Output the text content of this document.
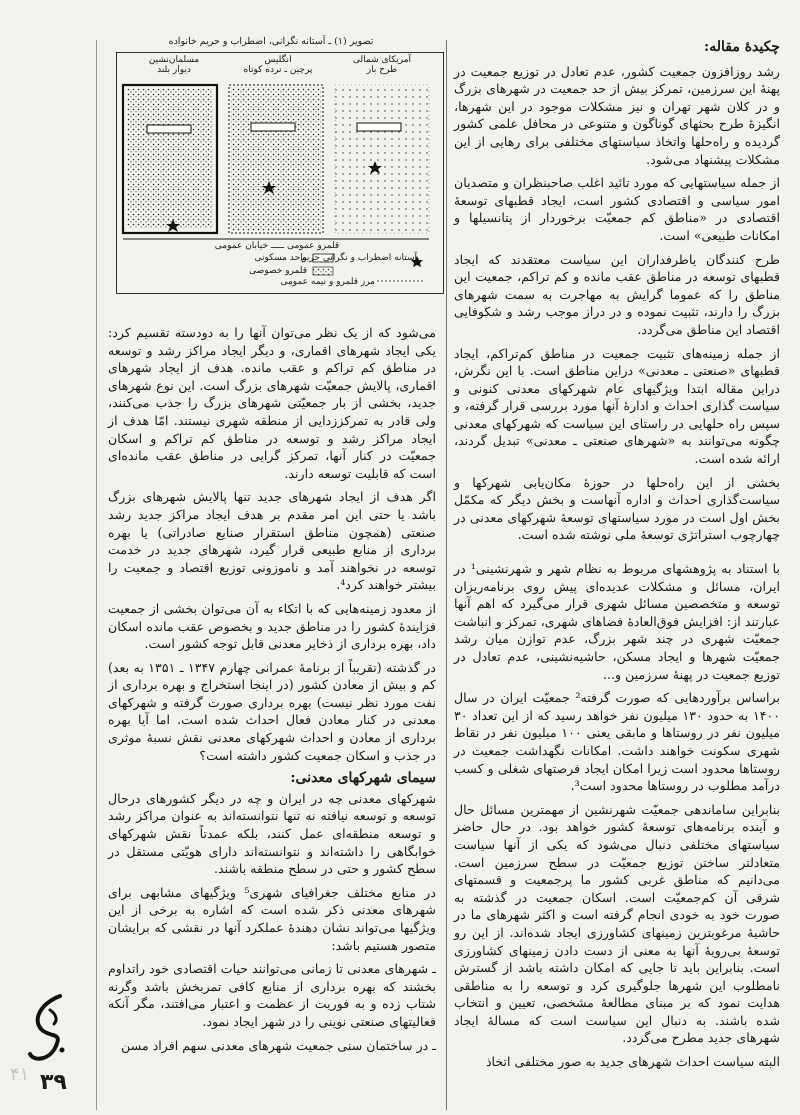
تصویر (۱) ـ آستانه نگرانی، اضطراب و حریم خانواده
مسلمان‌نشین
دیوار بلند
انگلیس
پرچین ـ نرده کوتاه
آمریکای شمالی
طرح باز
قلمرو عمومی ـــــ خیابان عمومی
آستانه اضطراب و نگرانی حریم
واحد مسکونی
قلمرو خصوصی
مرز قلمرو و نیمه عمومی

چکیدهٔ مقاله:

رشد روزافزون جمعیت کشور، عدم تعادل در توزیع جمعیت در پهنهٔ این سرزمین، تمرکز بیش از حد جمعیت در شهرهای بزرگ و در کلان شهر تهران و نیز مشکلات موجود در این شهرها، انگیزهٔ طرح بحثهای گوناگون و متنوعی در محافل علمی کشور گردیده و راه‌حلها واتخاذ سیاستهای مختلفی برای رهایی از این مشکلات پیشنهاد می‌شود.

از جمله سیاستهایی که مورد تائید اغلب صاحبنظران و متصدیان امور سیاسی و اقتصادی کشور است، ایجاد قطبهای توسعهٔ اقتصادی در «مناطق کم جمعیّت برخوردار از پتانسیلها و امکانات طبیعی» است.

طرح کنندگان یاطرفداران این سیاست معتقدند که ایجاد قطبهای توسعه در مناطق عقب مانده و کم تراکم، جمعیت این مناطق را که عموما گرایش به مهاجرت به سمت شهرهای بزرگ را دارند، تثبیت نموده و در دراز موجب رشد و شکوفایی اقتصاد این مناطق می‌گردد.

از جمله زمینه‌های تثبیت جمعیت در مناطق کم‌تراکم، ایجاد قطبهای «صنعتی ـ معدنی» دراین مناطق است. با این نگرش، دراین مقاله ابتدا ویژگیهای عام شهرکهای معدنی کنونی و سیاست گذاری احداث و ادارهٔ آنها مورد بررسی قرار گرفته، و سپس راه حلهایی در راستای این سیاست که شهرکهای معدنی چگونه می‌توانند به «شهرهای صنعتی ـ معدنی» تبدیل گردند، ارائه شده است.

بخشی از این راه‌حلها در حوزهٔ مکان‌یابی شهرکها و سیاست‌گذاری احداث و اداره آنهاست و بخش دیگر که مکمّل بخش اول است در مورد سیاستهای توسعهٔ شهرکهای معدنی در چهارچوب استراتژی توسعهٔ ملی نوشته شده است.

با استناد به پژوهشهای مربوط به نظام شهر و شهرنشینی¹ در ایران، مسائل و مشکلات عدیده‌ای پیش روی برنامه‌ریزان توسعه و متخصصین مسائل شهری قرار می‌گیرد که اهم آنها عبارتند از: افزایش فوق‌العادهٔ فضاهای شهری، تمرکز و انباشت جمعیّت شهری در چند شهر بزرگ، عدم توازن میان رشد جمعیّت شهرها و ایجاد مسکن، حاشیه‌نشینی، عدم تعادل در توزیع جمعیت در پهنهٔ سرزمین و...

براساس برآوردهایی که صورت گرفته² جمعیّت ایران در سال ۱۴۰۰ به حدود ۱۳۰ میلیون نفر خواهد رسید که از این تعداد ۳۰ میلیون نفر در روستاها و مابقی یعنی ۱۰۰ میلیون نفر در نقاط شهری سکونت خواهند داشت. امکانات نگهداشت جمعیت در روستاها محدود است زیرا امکان ایجاد فرصتهای شغلی و کسب درآمد مطلوب در روستاها محدود است³.

بنابراین ساماندهی جمعیّت شهرنشین از مهمترین مسائل حال و آینده برنامه‌های توسعهٔ کشور خواهد بود. در حال حاضر سیاستهای مختلفی دنبال می‌شود که یکی از آنها سیاست متعادلتر ساختن توزیع جمعیّت در سطح سرزمین است. می‌دانیم که مناطق غربی کشور ما پرجمعیت و قسمتهای شرقی آن کم‌جمعیّت است. اسکان جمعیت در گذشته به صورت خود به خودی انجام گرفته است و اکثر شهرهای ما در حاشیهٔ مرغوبترین زمینهای کشاورزی ایجاد شده‌اند. از این رو توسعهٔ بی‌رویهٔ آنها به معنی از دست دادن زمینهای کشاورزی است. بنابراین باید تا جایی که امکان داشته باشد از گسترش نامطلوب این شهرها جلوگیری کرد و توسعه را به مناطقی هدایت نمود که بر مبنای مطالعهٔ مشخصی، تعیین و انتخاب شده باشند. به دنبال این سیاست است که مسالهٔ ایجاد شهرهای جدید مطرح می‌گردد.

البته سیاست احداث شهرهای جدید به صور مختلفی اتخاذ

می‌شود که از یک نظر می‌توان آنها را به دودسته تقسیم کرد: یکی ایجاد شهرهای اقماری، و دیگر ایجاد مراکز رشد و توسعه در مناطق کم تراکم و عقب مانده. هدف از ایجاد شهرهای اقماری، پالایش جمعیّت شهرهای بزرگ است. این نوع شهرهای جدید، بخشی از بار جمعیّتی شهرهای بزرگ را جذب می‌کنند، ولی قادر به تمرکززدایی از منطقه شهری نیستند. امّا هدف از ایجاد مراکز رشد و توسعه در مناطق کم تراکم و اسکان جمعیّت در کنار آنها، تمرکز گرایی در مناطق عقب مانده‌ای است که قابلیت توسعه دارند.

اگر هدف از ایجاد شهرهای جدید تنها پالایش شهرهای بزرگ باشد یا حتی این امر مقدم بر هدف ایجاد مراکز جدید رشد صنعتی (همچون مناطق استقرار صنایع صادراتی) یا بهره برداری از منابع طبیعی قرار گیرد، شهرهای جدید در خدمت توسعه در نخواهند آمد و ناموزونی توزیع اقتصاد و جمعیت را بیشتر خواهند کرد⁴.

از معدود زمینه‌هایی که با اتکاء به آن می‌توان بخشی از جمعیت فزایندهٔ کشور را در مناطق جدید و بخصوص عقب مانده اسکان داد، بهره برداری از ذخایر معدنی قابل توجه کشور است.

در گذشته (تقریباً از برنامهٔ عمرانی چهارم ۱۳۴۷ ـ ۱۳۵۱ به بعد) کم و بیش از معادن کشور (در اینجا استخراج و بهره برداری از نفت مورد نظر نیست) بهره برداری صورت گرفته و شهرکهای معدنی در کنار معادن فعال احداث شده است. اما آیا بهره برداری از معادن و احداث شهرکهای معدنی نقش نسبهٔ موثری در جذب و اسکان جمعیت کشور داشته است؟

سیمای شهرکهای معدنی:

شهرکهای معدنی چه در ایران و چه در دیگر کشورهای درحال توسعه و توسعه نیافته نه تنها نتوانسته‌اند به عنوان مراکز رشد و توسعه منطقه‌ای عمل کنند، بلکه عمدتاً نقش شهرکهای خوابگاهی را داشته‌اند و نتوانسته‌اند دارای هویّتی مستقل در سطح کشور و حتی در سطح منطقه باشند.

در منابع مختلف جغرافیای شهری⁵ ویژگیهای مشابهی برای شهرهای معدنی ذکر شده است که اشاره به برخی از این ویژگیها می‌تواند نشان دهندهٔ عملکرد آنها در نقشی که برایشان متصور هستیم باشد:

ـ شهرهای معدنی تا زمانی می‌توانند حیات اقتصادی خود راتداوم بخشند که بهره برداری از منابع کافی تمربخش باشد وگرنه شتاب زده و به فوریت از عظمت و اعتبار می‌افتند، مگر آنکه فعالیتهای صنعتی نوینی را در شهر ایجاد نمود.

ـ در ساختمان سنی جمعیت شهرهای معدنی سهم افراد مسن

۴۱ ۳۹
